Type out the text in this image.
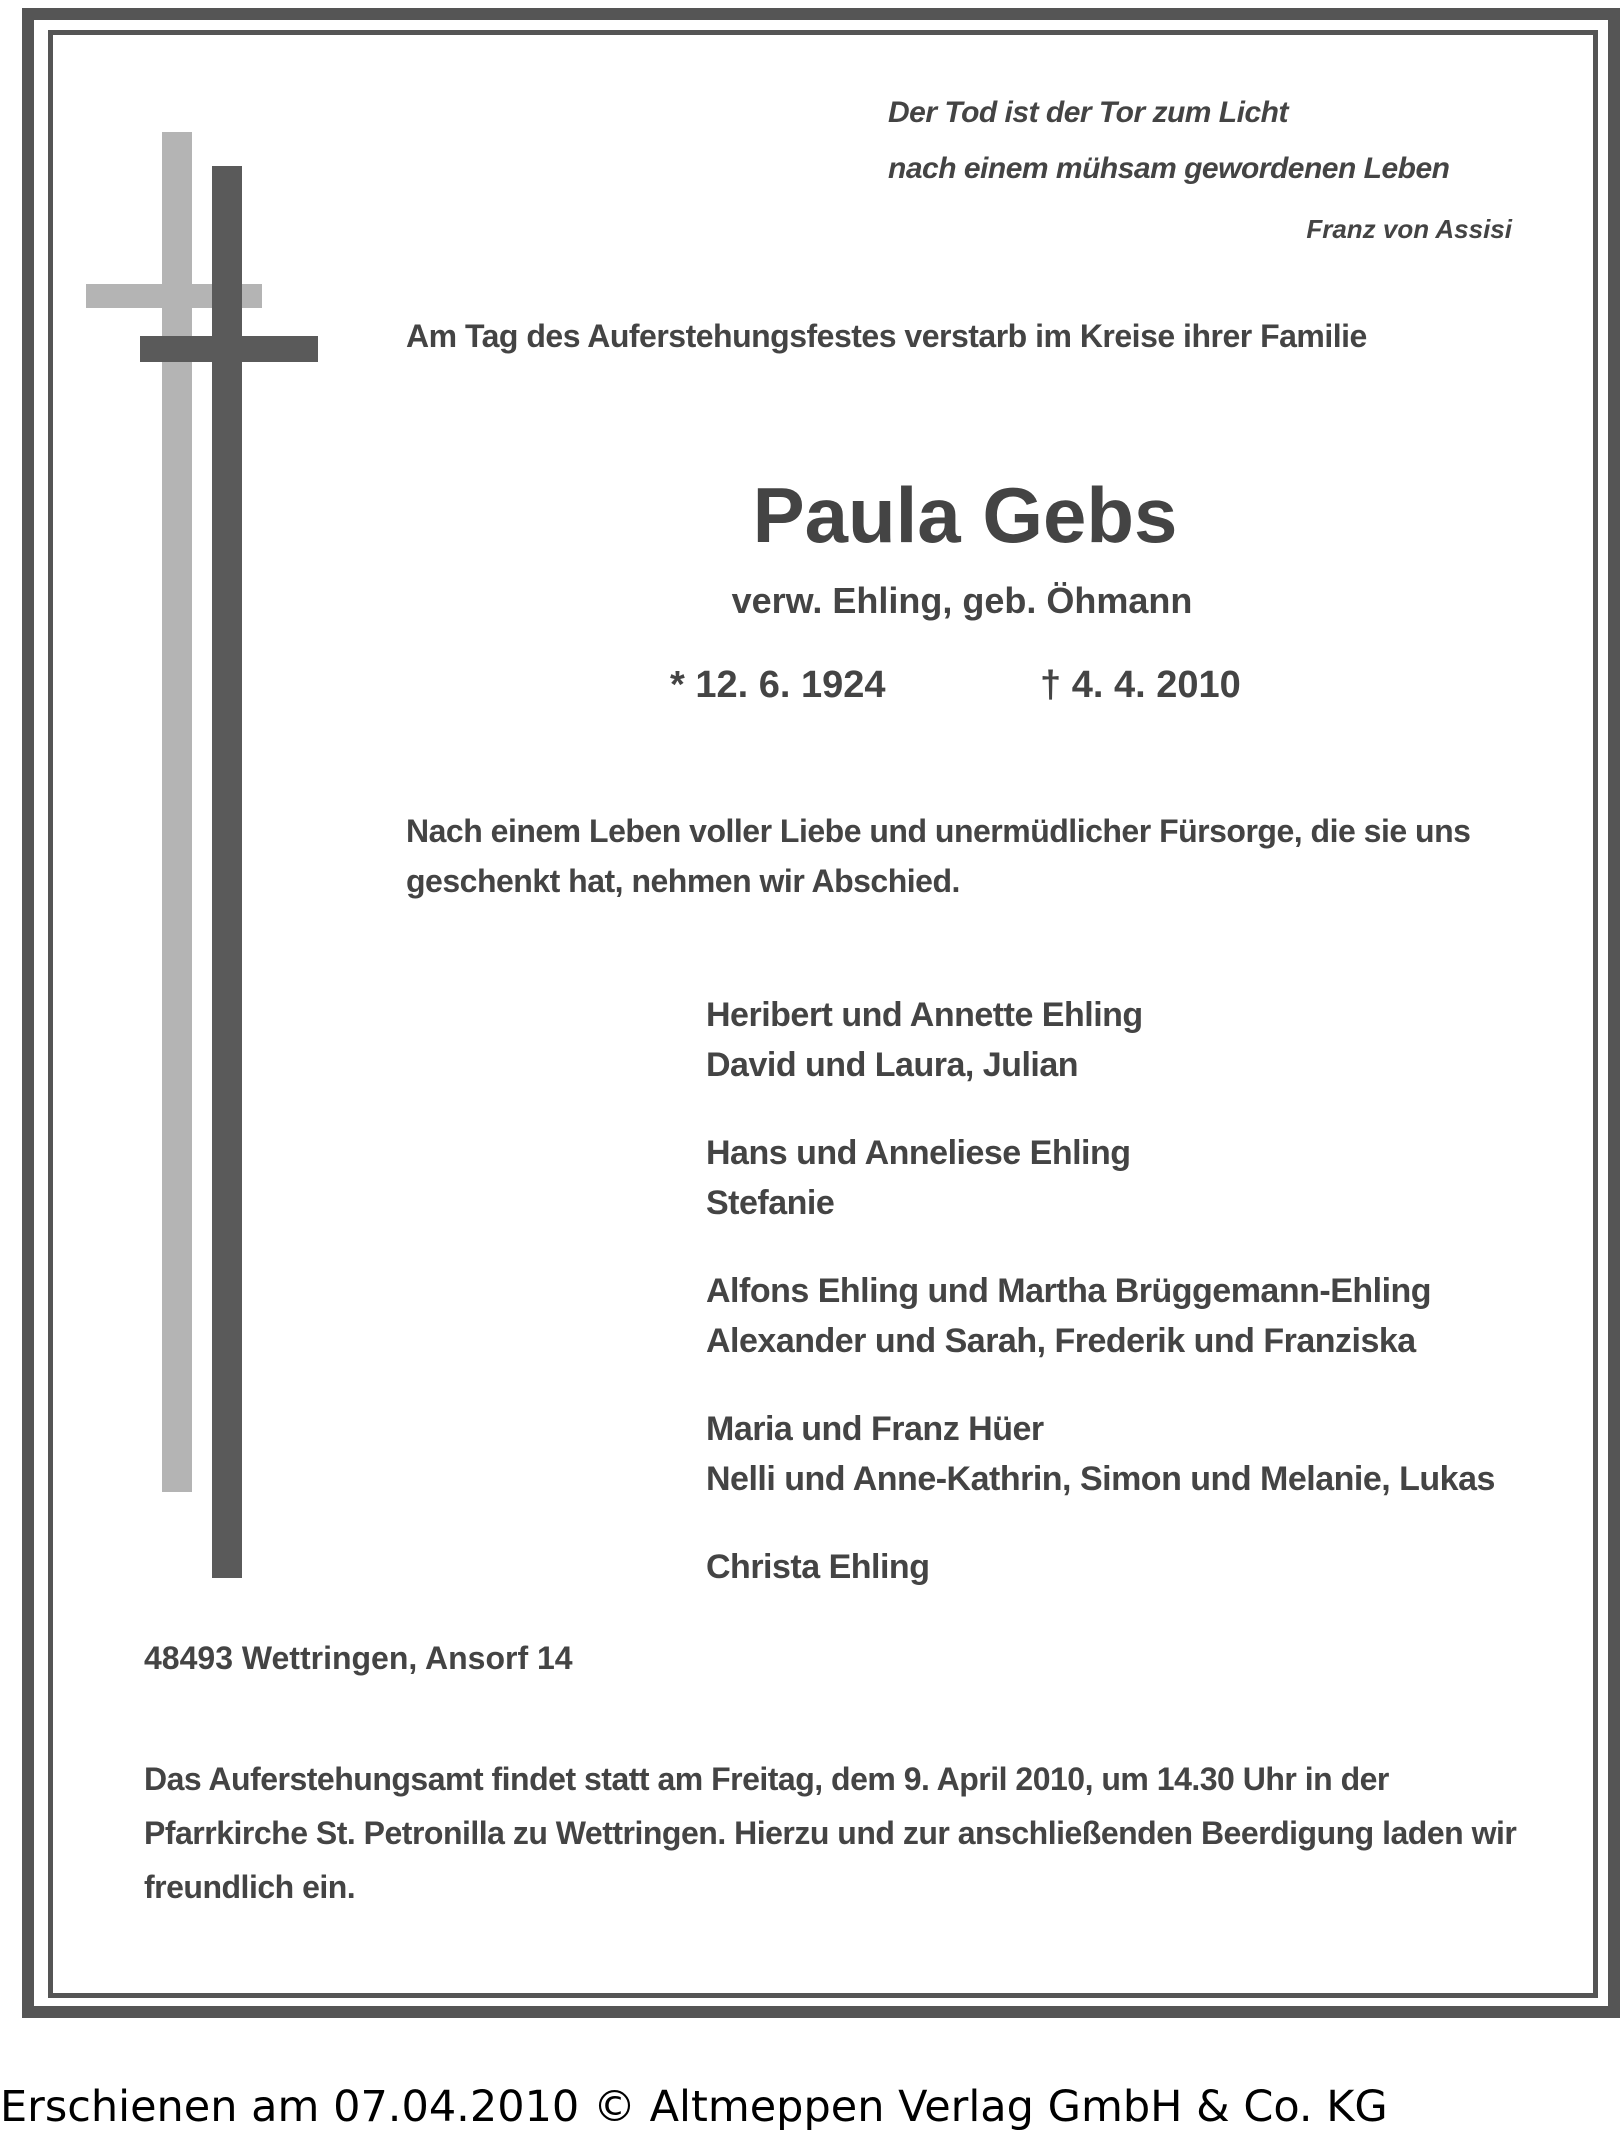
Der Tod ist der Tor zum Licht
nach einem mühsam gewordenen Leben
Franz von Assisi
Am Tag des Auferstehungsfestes verstarb im Kreise ihrer Familie
Paula Gebs
verw. Ehling, geb. Öhmann
* 12. 6. 1924	† 4. 4. 2010
Nach einem Leben voller Liebe und unermüdlicher Fürsorge, die sie uns geschenkt hat, nehmen wir Abschied.
Heribert und Annette Ehling
David und Laura, Julian
Hans und Anneliese Ehling
Stefanie
Alfons Ehling und Martha Brüggemann-Ehling
Alexander und Sarah, Frederik und Franziska
Maria und Franz Hüer
Nelli und Anne-Kathrin, Simon und Melanie, Lukas
Christa Ehling
48493 Wettringen, Ansorf 14
Das Auferstehungsamt findet statt am Freitag, dem 9. April 2010, um 14.30 Uhr in der Pfarrkirche St. Petronilla zu Wettringen. Hierzu und zur anschließenden Beerdigung laden wir freundlich ein.
Erschienen am 07.04.2010 © Altmeppen Verlag GmbH & Co. KG
